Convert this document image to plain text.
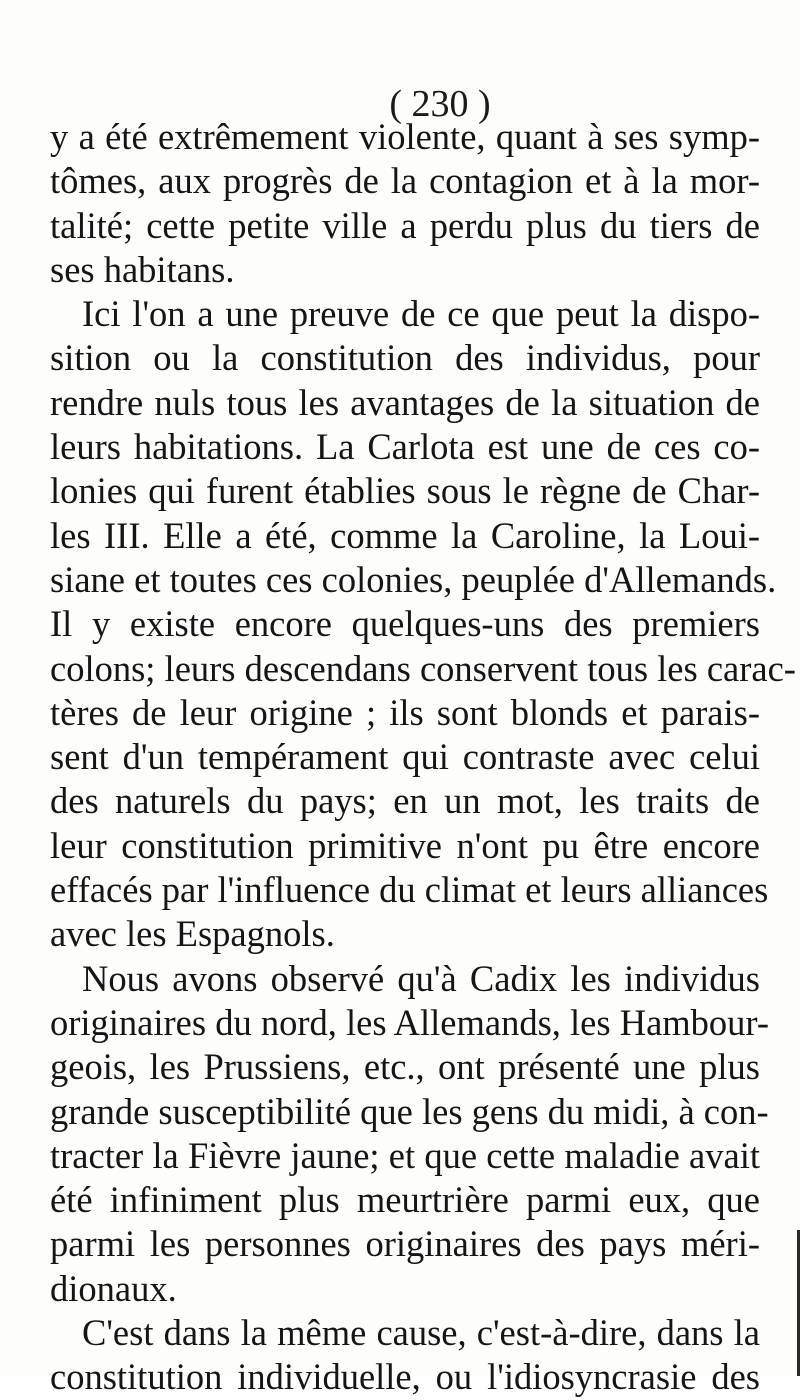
( 230 )
y a été extrêmement violente, quant à ses symp-
tômes, aux progrès de la contagion et à la mor-
talité; cette petite ville a perdu plus du tiers de
ses habitans.
Ici l'on a une preuve de ce que peut la dispo-
sition ou la constitution des individus, pour
rendre nuls tous les avantages de la situation de
leurs habitations. La Carlota est une de ces co-
lonies qui furent établies sous le règne de Char-
les III. Elle a été, comme la Caroline, la Loui-
siane et toutes ces colonies, peuplée d'Allemands.
Il y existe encore quelques-uns des premiers
colons; leurs descendans conservent tous les carac-
tères de leur origine ; ils sont blonds et parais-
sent d'un tempérament qui contraste avec celui
des naturels du pays; en un mot, les traits de
leur constitution primitive n'ont pu être encore
effacés par l'influence du climat et leurs alliances
avec les Espagnols.
Nous avons observé qu'à Cadix les individus
originaires du nord, les Allemands, les Hambour-
geois, les Prussiens, etc., ont présenté une plus
grande susceptibilité que les gens du midi, à con-
tracter la Fièvre jaune; et que cette maladie avait
été infiniment plus meurtrière parmi eux, que
parmi les personnes originaires des pays méri-
dionaux.
C'est dans la même cause, c'est-à-dire, dans la
constitution individuelle, ou l'idiosyncrasie des
